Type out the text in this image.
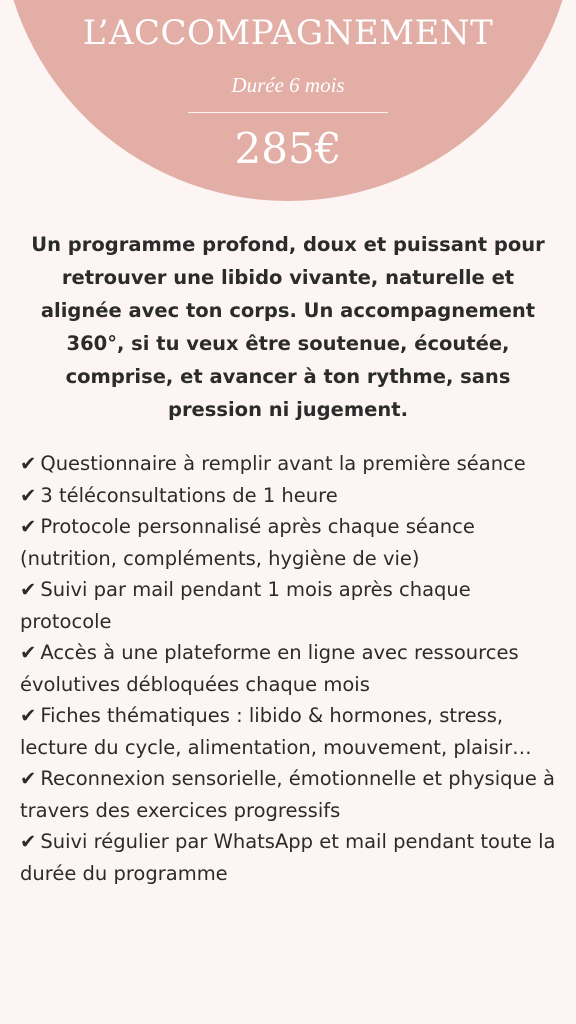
L’ACCOMPAGNEMENT
Durée 6 mois
285€
Un programme profond, doux et puissant pour retrouver une libido vivante, naturelle et alignée avec ton corps. Un accompagnement 360°, si tu veux être soutenue, écoutée, comprise, et avancer à ton rythme, sans pression ni jugement.
✔ Questionnaire à remplir avant la première séance
✔ 3 téléconsultations de 1 heure
✔ Protocole personnalisé après chaque séance (nutrition, compléments, hygiène de vie)
✔ Suivi par mail pendant 1 mois après chaque protocole
✔ Accès à une plateforme en ligne avec ressources évolutives débloquées chaque mois
✔ Fiches thématiques : libido & hormones, stress, lecture du cycle, alimentation, mouvement, plaisir…
✔ Reconnexion sensorielle, émotionnelle et physique à travers des exercices progressifs
✔ Suivi régulier par WhatsApp et mail pendant toute la durée du programme
